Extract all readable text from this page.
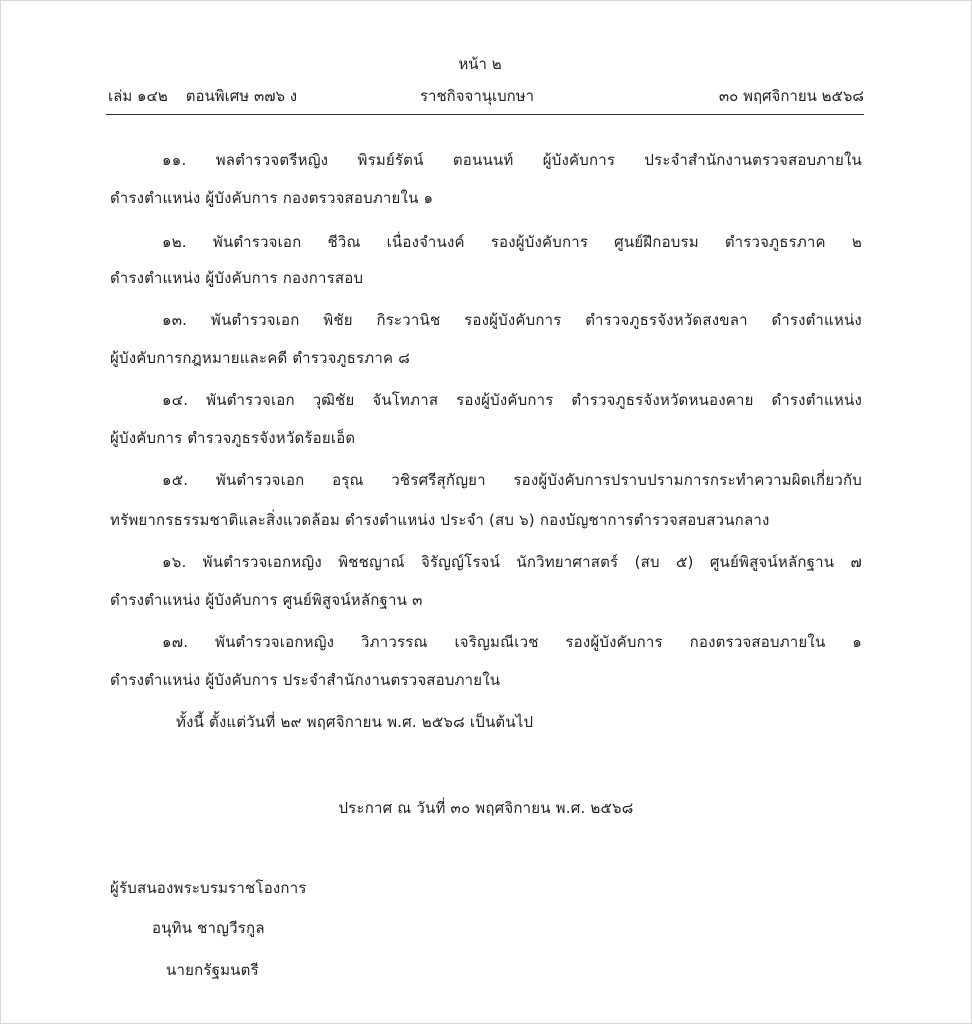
หน้า ๒
เล่ม ๑๔๒ ตอนพิเศษ ๓๗๖ ง	ราชกิจจานุเบกษา	๓๐ พฤศจิกายน ๒๕๖๘
๑๑. พลตำรวจตรีหญิง พิรมย์รัตน์ ตอนนนท์ ผู้บังคับการ ประจำสำนักงานตรวจสอบภายใน
ดำรงตำแหน่ง ผู้บังคับการ กองตรวจสอบภายใน ๑
๑๒. พันตำรวจเอก ชีวิณ เนื่องจำนงค์ รองผู้บังคับการ ศูนย์ฝึกอบรม ตำรวจภูธรภาค ๒
ดำรงตำแหน่ง ผู้บังคับการ กองการสอบ
๑๓. พันตำรวจเอก พิชัย กิระวานิช รองผู้บังคับการ ตำรวจภูธรจังหวัดสงขลา ดำรงตำแหน่ง
ผู้บังคับการกฎหมายและคดี ตำรวจภูธรภาค ๘
๑๔. พันตำรวจเอก วุฒิชัย จันโทภาส รองผู้บังคับการ ตำรวจภูธรจังหวัดหนองคาย ดำรงตำแหน่ง
ผู้บังคับการ ตำรวจภูธรจังหวัดร้อยเอ็ด
๑๕. พันตำรวจเอก อรุณ วชิรศรีสุกัญยา รองผู้บังคับการปราบปรามการกระทำความผิดเกี่ยวกับ
ทรัพยากรธรรมชาติและสิ่งแวดล้อม ดำรงตำแหน่ง ประจำ (สบ ๖) กองบัญชาการตำรวจสอบสวนกลาง
๑๖. พันตำรวจเอกหญิง พิชชญาณ์ จิรัญญ์โรจน์ นักวิทยาศาสตร์ (สบ ๕) ศูนย์พิสูจน์หลักฐาน ๗
ดำรงตำแหน่ง ผู้บังคับการ ศูนย์พิสูจน์หลักฐาน ๓
๑๗. พันตำรวจเอกหญิง วิภาวรรณ เจริญมณีเวช รองผู้บังคับการ กองตรวจสอบภายใน ๑
ดำรงตำแหน่ง ผู้บังคับการ ประจำสำนักงานตรวจสอบภายใน
ทั้งนี้ ตั้งแต่วันที่ ๒๙ พฤศจิกายน พ.ศ. ๒๕๖๘ เป็นต้นไป
ประกาศ ณ วันที่ ๓๐ พฤศจิกายน พ.ศ. ๒๕๖๘
ผู้รับสนองพระบรมราชโองการ
อนุทิน ชาญวีรกูล
นายกรัฐมนตรี
